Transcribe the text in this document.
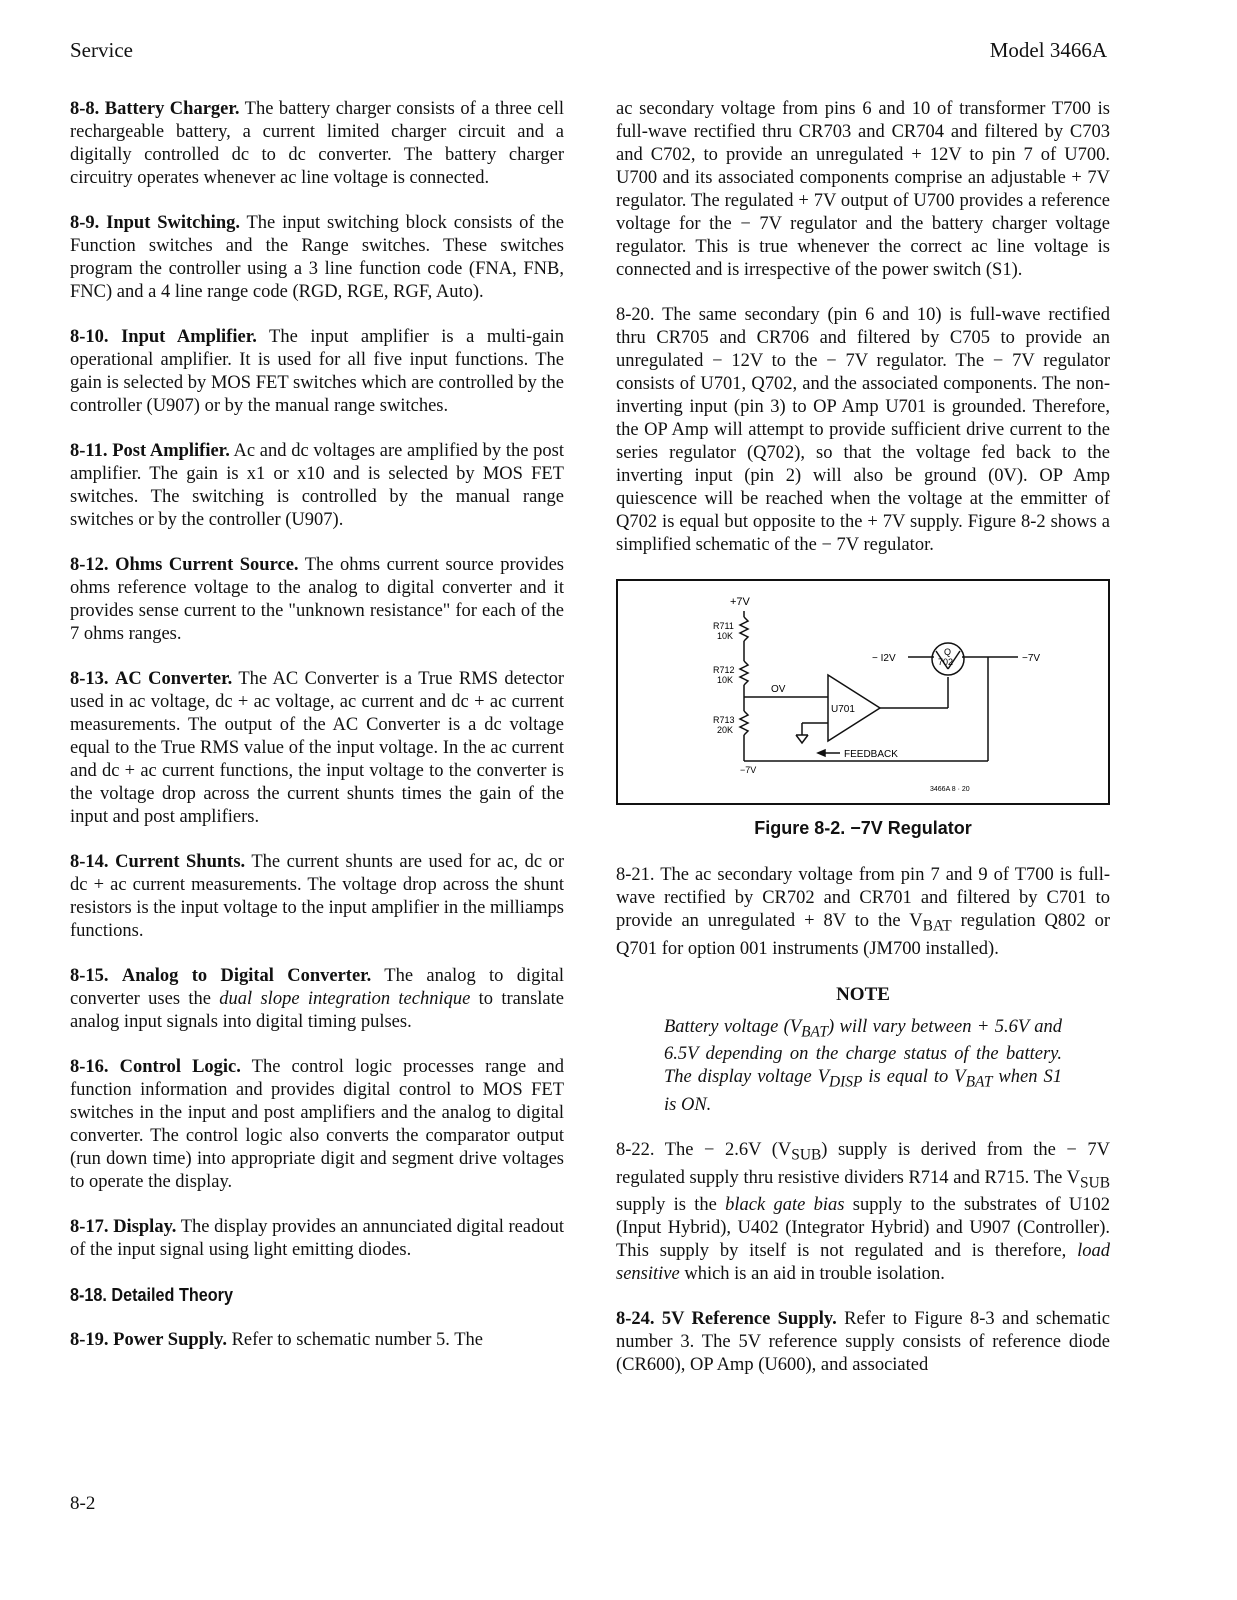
Service	Model 3466A

8-8. Battery Charger. The battery charger consists of a three cell rechargeable battery, a current limited charger circuit and a digitally controlled dc to dc converter. The battery charger circuitry operates whenever ac line voltage is connected.

8-9. Input Switching. The input switching block consists of the Function switches and the Range switches. These switches program the controller using a 3 line function code (FNA, FNB, FNC) and a 4 line range code (RGD, RGE, RGF, Auto).

8-10. Input Amplifier. The input amplifier is a multi-gain operational amplifier. It is used for all five input functions. The gain is selected by MOS FET switches which are controlled by the controller (U907) or by the manual range switches.

8-11. Post Amplifier. Ac and dc voltages are amplified by the post amplifier. The gain is x1 or x10 and is selected by MOS FET switches. The switching is controlled by the manual range switches or by the controller (U907).

8-12. Ohms Current Source. The ohms current source provides ohms reference voltage to the analog to digital converter and it provides sense current to the "unknown resistance" for each of the 7 ohms ranges.

8-13. AC Converter. The AC Converter is a True RMS detector used in ac voltage, dc + ac voltage, ac current and dc + ac current measurements. The output of the AC Converter is a dc voltage equal to the True RMS value of the input voltage. In the ac current and dc + ac current functions, the input voltage to the converter is the voltage drop across the current shunts times the gain of the input and post amplifiers.

8-14. Current Shunts. The current shunts are used for ac, dc or dc + ac current measurements. The voltage drop across the shunt resistors is the input voltage to the input amplifier in the milliamps functions.

8-15. Analog to Digital Converter. The analog to digital converter uses the dual slope integration technique to translate analog input signals into digital timing pulses.

8-16. Control Logic. The control logic processes range and function information and provides digital control to MOS FET switches in the input and post amplifiers and the analog to digital converter. The control logic also converts the comparator output (run down time) into appropriate digit and segment drive voltages to operate the display.

8-17. Display. The display provides an annunciated digital readout of the input signal using light emitting diodes.

8-18. Detailed Theory

8-19. Power Supply. Refer to schematic number 5. The

8-2

ac secondary voltage from pins 6 and 10 of transformer T700 is full-wave rectified thru CR703 and CR704 and filtered by C703 and C702, to provide an unregulated + 12V to pin 7 of U700. U700 and its associated components comprise an adjustable + 7V regulator. The regulated + 7V output of U700 provides a reference voltage for the − 7V regulator and the battery charger voltage regulator. This is true whenever the correct ac line voltage is connected and is irrespective of the power switch (S1).

8-20. The same secondary (pin 6 and 10) is full-wave rectified thru CR705 and CR706 and filtered by C705 to provide an unregulated − 12V to the − 7V regulator. The − 7V regulator consists of U701, Q702, and the associated components. The non-inverting input (pin 3) to OP Amp U701 is grounded. Therefore, the OP Amp will attempt to provide sufficient drive current to the series regulator (Q702), so that the voltage fed back to the inverting input (pin 2) will also be ground (0V). OP Amp quiescence will be reached when the voltage at the emmitter of Q702 is equal but opposite to the + 7V supply. Figure 8-2 shows a simplified schematic of the − 7V regulator.

+7V
R711
10K
R712
10K
R713
20K
OV
U701
− I2V
Q
702	−7V
FEEDBACK
−7V
3466A 8 · 20
Figure 8-2. −7V Regulator

8-21. The ac secondary voltage from pin 7 and 9 of T700 is full-wave rectified by CR702 and CR701 and filtered by C701 to provide an unregulated + 8V to the $V_{BAT}$ regulation Q802 or Q701 for option 001 instruments (JM700 installed).

NOTE

Battery voltage $(V_{BAT})$ will vary between + 5.6V and 6.5V depending on the charge status of the battery. The display voltage $V_{DISP}$ is equal to $V_{BAT}$ when S1 is ON.

8-22. The − 2.6V $(V_{SUB})$ supply is derived from the − 7V regulated supply thru resistive dividers R714 and R715. The $V_{SUB}$ supply is the black gate bias supply to the substrates of U102 (Input Hybrid), U402 (Integrator Hybrid) and U907 (Controller). This supply by itself is not regulated and is therefore, load sensitive which is an aid in trouble isolation.

8-24. 5V Reference Supply. Refer to Figure 8-3 and schematic number 3. The 5V reference supply consists of reference diode (CR600), OP Amp (U600), and associated
